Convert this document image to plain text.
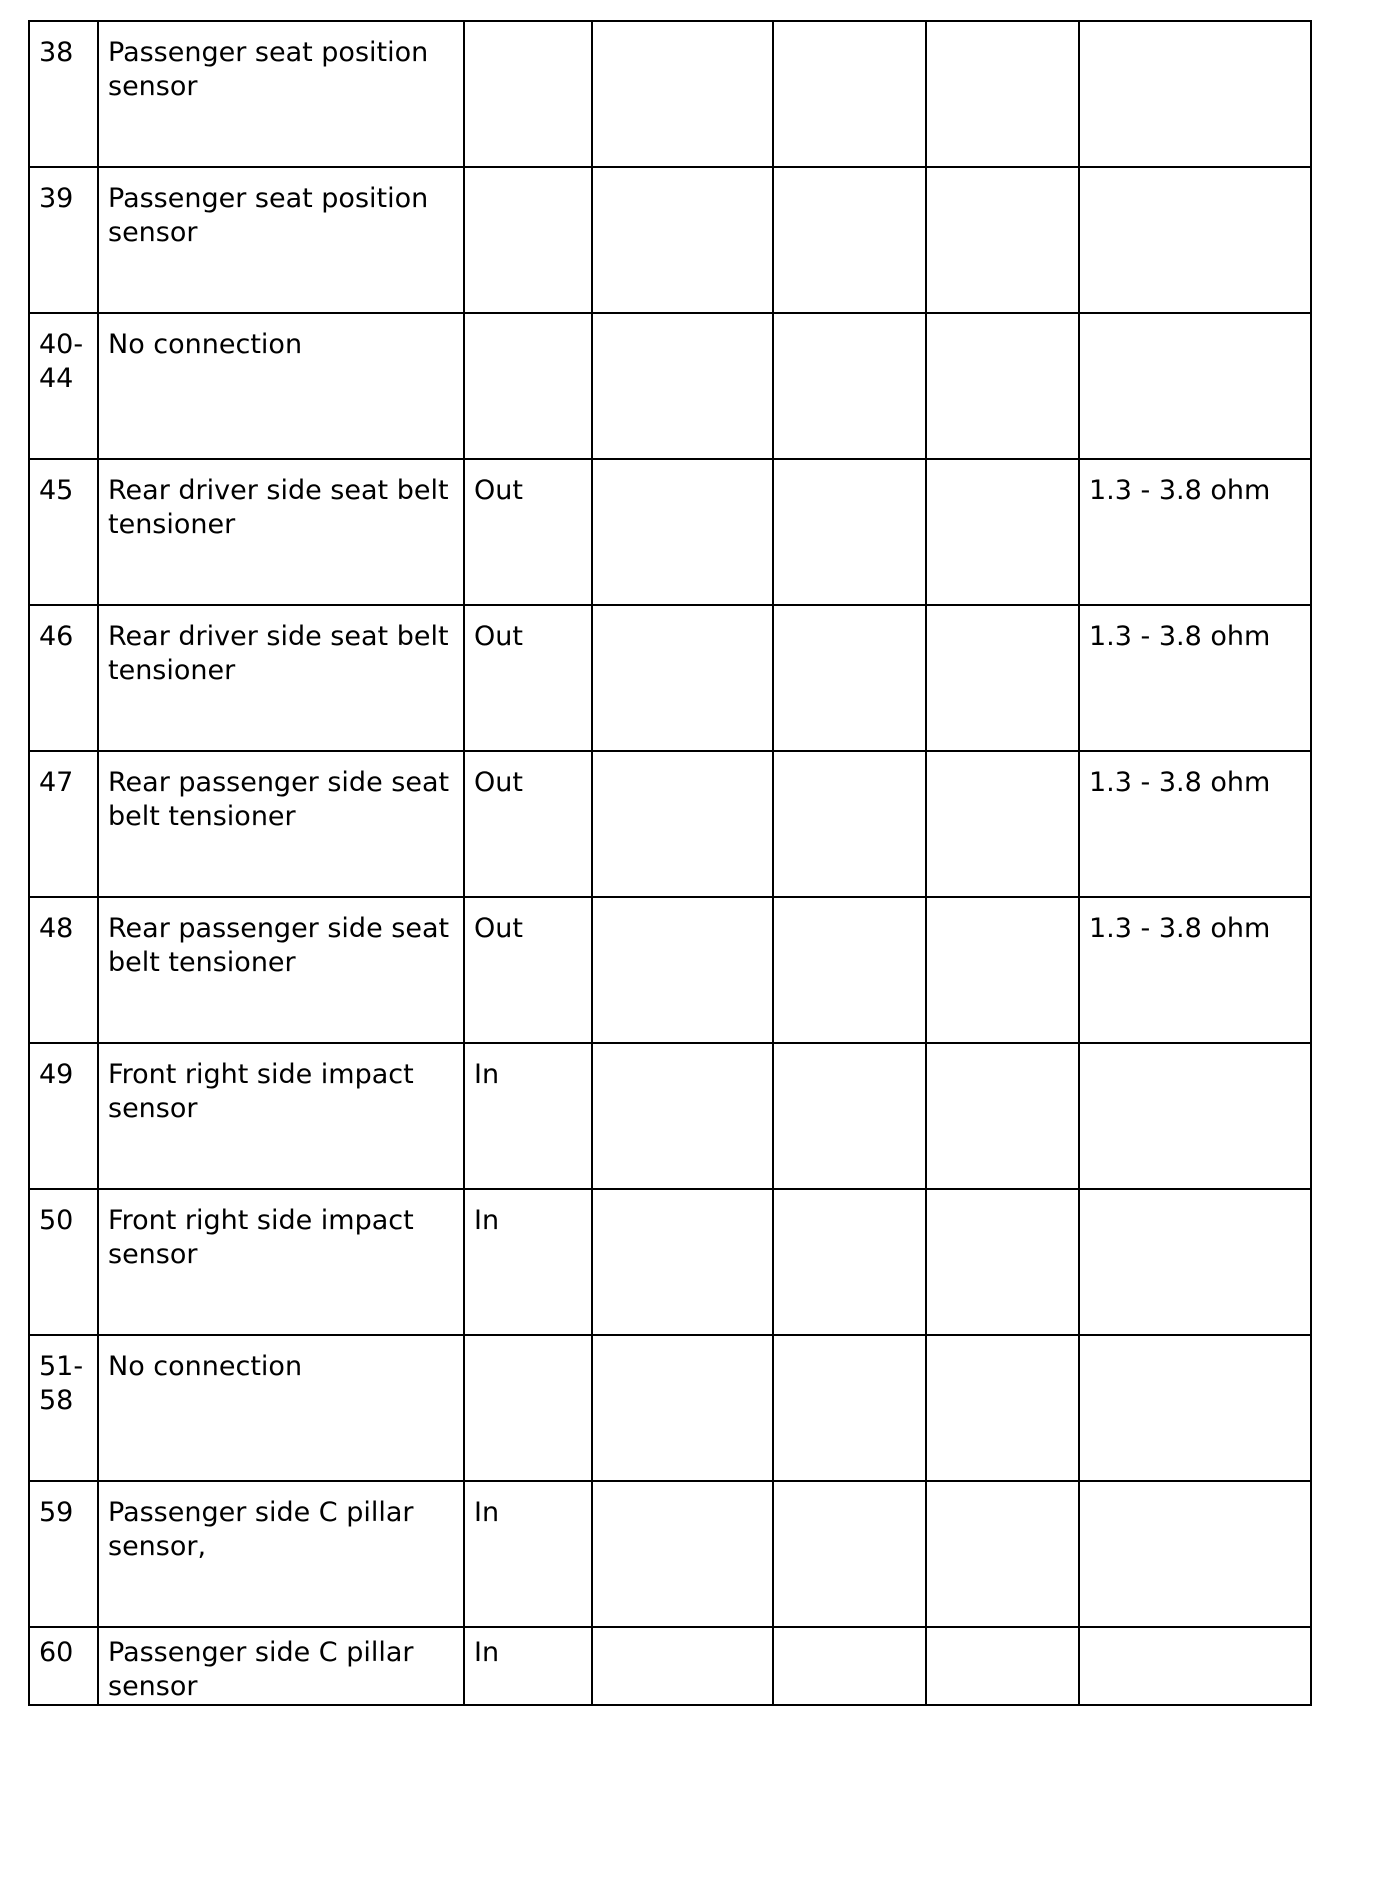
38	Passenger seat position sensor					
39	Passenger seat position sensor					
40-44	No connection					
45	Rear driver side seat belt tensioner	Out				1.3 - 3.8 ohm
46	Rear driver side seat belt tensioner	Out				1.3 - 3.8 ohm
47	Rear passenger side seat belt tensioner	Out				1.3 - 3.8 ohm
48	Rear passenger side seat belt tensioner	Out				1.3 - 3.8 ohm
49	Front right side impact sensor	In				
50	Front right side impact sensor	In				
51-58	No connection					
59	Passenger side C pillar sensor,	In				
60	Passenger side C pillar sensor	In				
